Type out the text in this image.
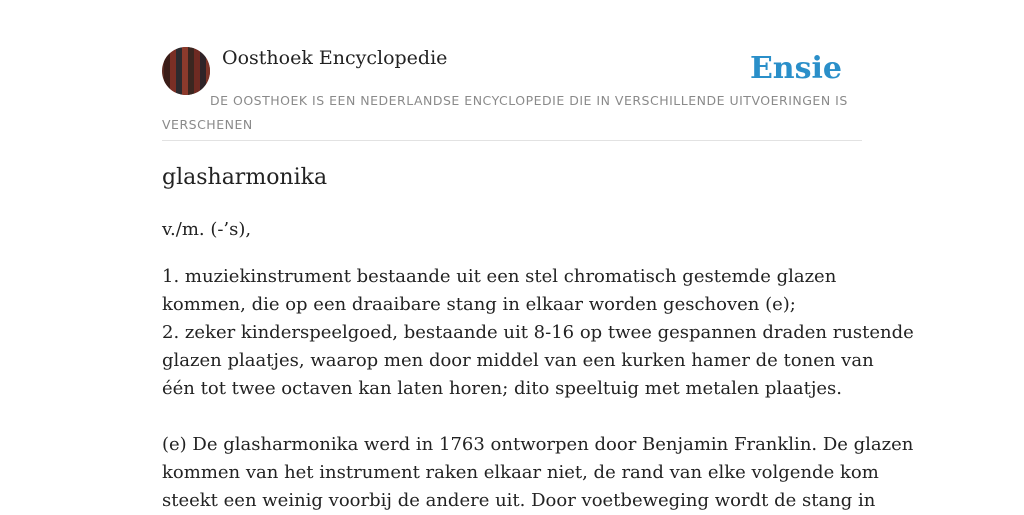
Oosthoek Encyclopedie	Ensie
DE OOSTHOEK IS EEN NEDERLANDSE ENCYCLOPEDIE DIE IN VERSCHILLENDE UITVOERINGEN IS VERSCHENEN
glasharmonika
v./m. (-’s),
1. muziekinstrument bestaande uit een stel chromatisch gestemde glazen
kommen, die op een draaibare stang in elkaar worden geschoven (e);
2. zeker kinderspeelgoed, bestaande uit 8-16 op twee gespannen draden rustende
glazen plaatjes, waarop men door middel van een kurken hamer de tonen van
één tot twee octaven kan laten horen; dito speeltuig met metalen plaatjes.
(e) De glasharmonika werd in 1763 ontworpen door Benjamin Franklin. De glazen
kommen van het instrument raken elkaar niet, de rand van elke volgende kom
steekt een weinig voorbij de andere uit. Door voetbeweging wordt de stang in
